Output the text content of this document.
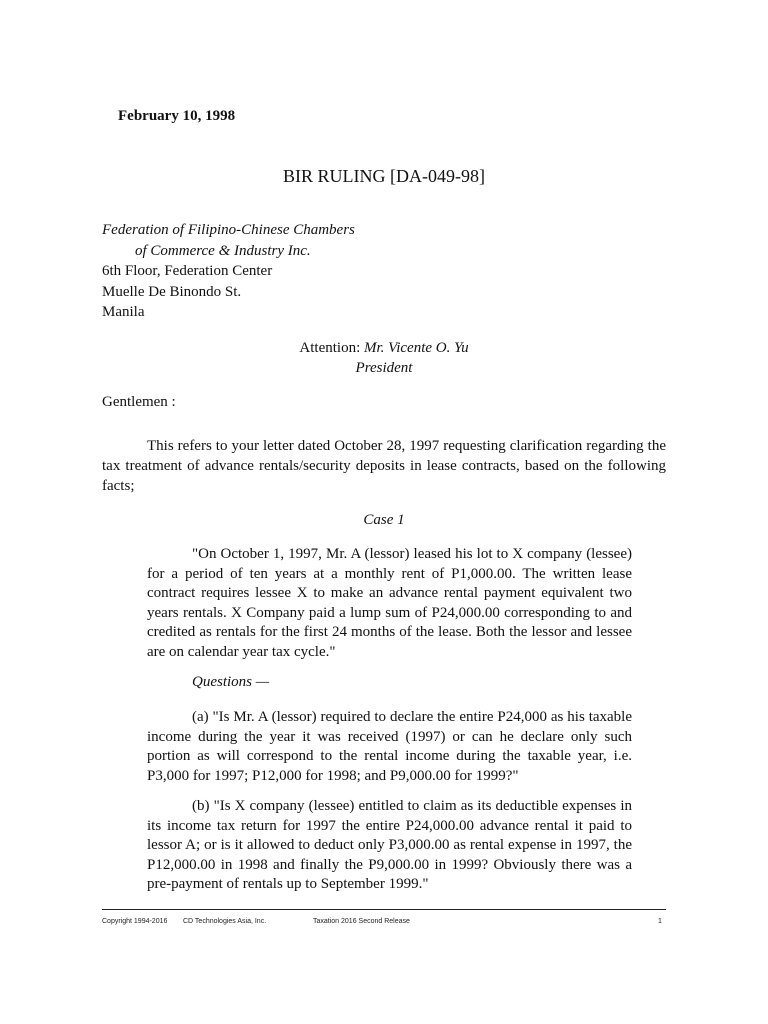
February 10, 1998
BIR RULING [DA-049-98]
Federation of Filipino-Chinese Chambers
of Commerce & Industry Inc.
6th Floor, Federation Center
Muelle De Binondo St.
Manila
Attention: Mr. Vicente O. Yu
President
Gentlemen :
This refers to your letter dated October 28, 1997 requesting clarification regarding the tax treatment of advance rentals/security deposits in lease contracts, based on the following facts;
Case 1
"On October 1, 1997, Mr. A (lessor) leased his lot to X company (lessee) for a period of ten years at a monthly rent of P1,000.00. The written lease contract requires lessee X to make an advance rental payment equivalent two years rentals. X Company paid a lump sum of P24,000.00 corresponding to and credited as rentals for the first 24 months of the lease. Both the lessor and lessee are on calendar year tax cycle."
Questions —
(a) "Is Mr. A (lessor) required to declare the entire P24,000 as his taxable income during the year it was received (1997) or can he declare only such portion as will correspond to the rental income during the taxable year, i.e. P3,000 for 1997; P12,000 for 1998; and P9,000.00 for 1999?"
(b) "Is X company (lessee) entitled to claim as its deductible expenses in its income tax return for 1997 the entire P24,000.00 advance rental it paid to lessor A; or is it allowed to deduct only P3,000.00 as rental expense in 1997, the P12,000.00 in 1998 and finally the P9,000.00 in 1999? Obviously there was a pre-payment of rentals up to September 1999."
Copyright 1994-2016 CD Technologies Asia, Inc.	Taxation 2016 Second Release	1
